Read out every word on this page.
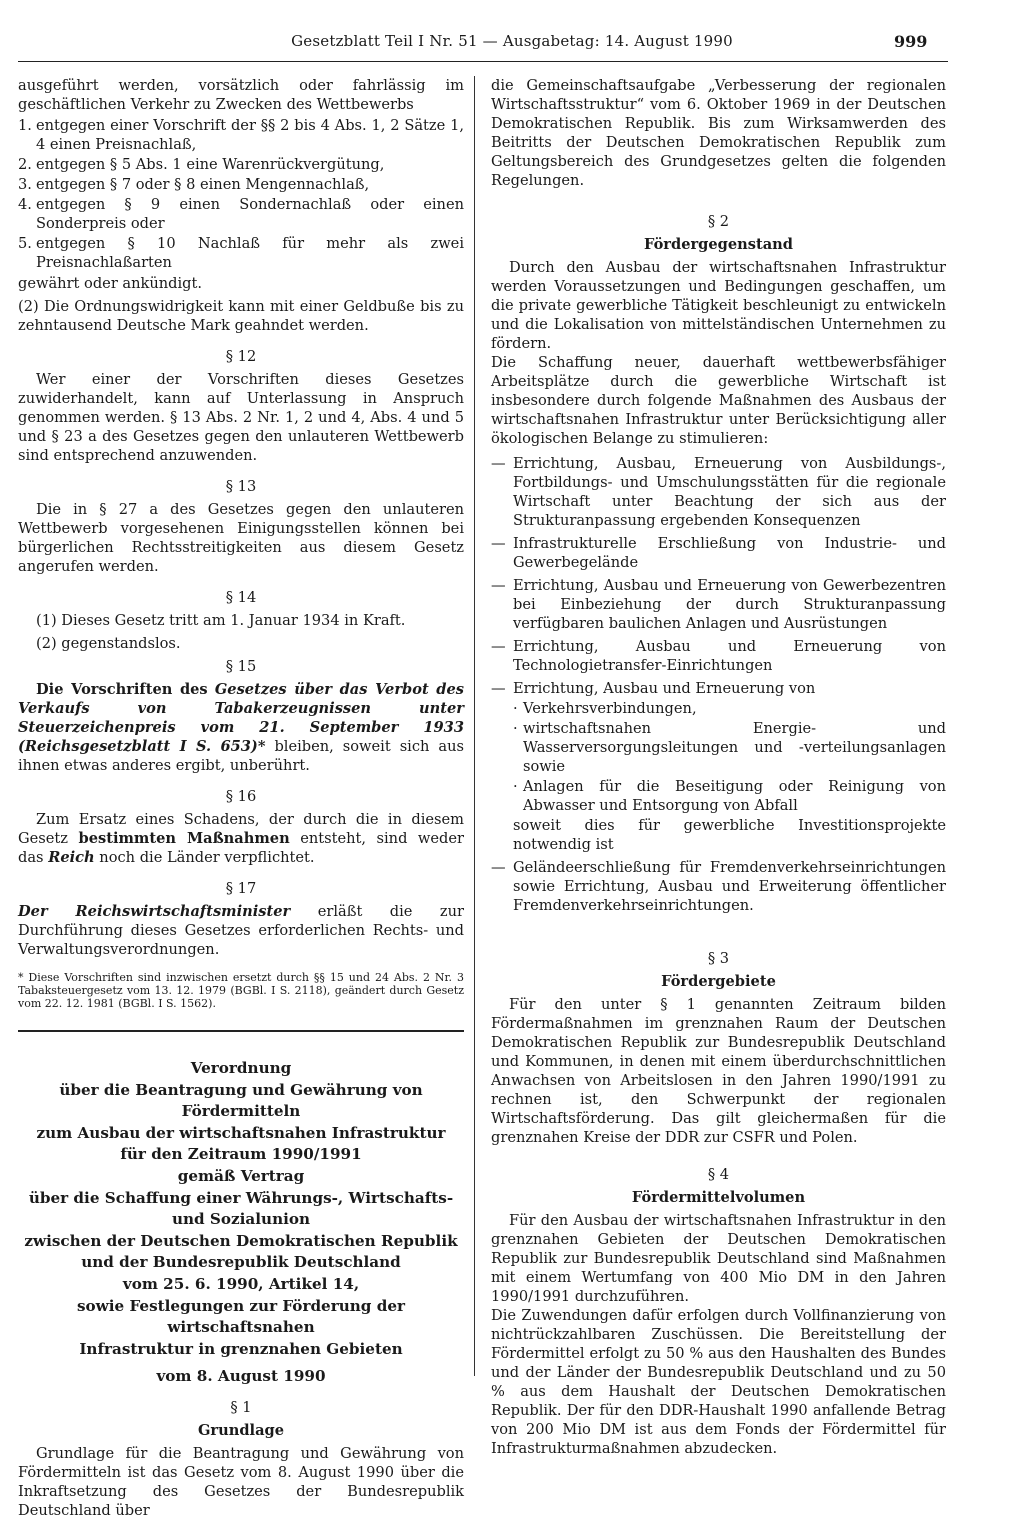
Gesetzblatt Teil I Nr. 51 — Ausgabetag: 14. August 1990	999

ausgeführt werden, vorsätzlich oder fahrlässig im geschäftlichen Verkehr zu Zwecken des Wettbewerbs

1. entgegen einer Vorschrift der §§ 2 bis 4 Abs. 1, 2 Sätze 1, 4 einen Preisnachlaß,
2. entgegen § 5 Abs. 1 eine Warenrückvergütung,
3. entgegen § 7 oder § 8 einen Mengennachlaß,
4. entgegen § 9 einen Sondernachlaß oder einen Sonderpreis oder
5. entgegen § 10 Nachlaß für mehr als zwei Preisnachlaßarten

gewährt oder ankündigt.

(2) Die Ordnungswidrigkeit kann mit einer Geldbuße bis zu zehntausend Deutsche Mark geahndet werden.

§ 12

Wer einer der Vorschriften dieses Gesetzes zuwiderhandelt, kann auf Unterlassung in Anspruch genommen werden. § 13 Abs. 2 Nr. 1, 2 und 4, Abs. 4 und 5 und § 23 a des Gesetzes gegen den unlauteren Wettbewerb sind entsprechend anzuwenden.

§ 13

Die in § 27 a des Gesetzes gegen den unlauteren Wettbewerb vorgesehenen Einigungsstellen können bei bürgerlichen Rechtsstreitigkeiten aus diesem Gesetz angerufen werden.

§ 14

(1) Dieses Gesetz tritt am 1. Januar 1934 in Kraft.

(2) gegenstandslos.

§ 15

Die Vorschriften des Gesetzes über das Verbot des Verkaufs von Tabakerzeugnissen unter Steuerzeichenpreis vom 21. September 1933 (Reichsgesetzblatt I S. 653)* bleiben, soweit sich aus ihnen etwas anderes ergibt, unberührt.

§ 16

Zum Ersatz eines Schadens, der durch die in diesem Gesetz bestimmten Maßnahmen entsteht, sind weder das Reich noch die Länder verpflichtet.

§ 17

Der Reichswirtschaftsminister erläßt die zur Durchführung dieses Gesetzes erforderlichen Rechts- und Verwaltungsverordnungen.

* Diese Vorschriften sind inzwischen ersetzt durch §§ 15 und 24 Abs. 2 Nr. 3 Tabaksteuergesetz vom 13. 12. 1979 (BGBl. I S. 2118), geändert durch Gesetz vom 22. 12. 1981 (BGBl. I S. 1562).

Verordnung
über die Beantragung und Gewährung von Fördermitteln
zum Ausbau der wirtschaftsnahen Infrastruktur
für den Zeitraum 1990/1991
gemäß Vertrag
über die Schaffung einer Währungs-, Wirtschafts-
und Sozialunion
zwischen der Deutschen Demokratischen Republik
und der Bundesrepublik Deutschland
vom 25. 6. 1990, Artikel 14,
sowie Festlegungen zur Förderung der wirtschaftsnahen
Infrastruktur in grenznahen Gebieten
vom 8. August 1990

§ 1

Grundlage

Grundlage für die Beantragung und Gewährung von Fördermitteln ist das Gesetz vom 8. August 1990 über die Inkraftsetzung des Gesetzes der Bundesrepublik Deutschland über

die Gemeinschaftsaufgabe „Verbesserung der regionalen Wirtschaftsstruktur“ vom 6. Oktober 1969 in der Deutschen Demokratischen Republik. Bis zum Wirksamwerden des Beitritts der Deutschen Demokratischen Republik zum Geltungsbereich des Grundgesetzes gelten die folgenden Regelungen.

§ 2

Fördergegenstand

Durch den Ausbau der wirtschaftsnahen Infrastruktur werden Voraussetzungen und Bedingungen geschaffen, um die private gewerbliche Tätigkeit beschleunigt zu entwickeln und die Lokalisation von mittelständischen Unternehmen zu fördern.

Die Schaffung neuer, dauerhaft wettbewerbsfähiger Arbeitsplätze durch die gewerbliche Wirtschaft ist insbesondere durch folgende Maßnahmen des Ausbaus der wirtschaftsnahen Infrastruktur unter Berücksichtigung aller ökologischen Belange zu stimulieren:

— Errichtung, Ausbau, Erneuerung von Ausbildungs-, Fortbildungs- und Umschulungsstätten für die regionale Wirtschaft unter Beachtung der sich aus der Strukturanpassung ergebenden Konsequenzen
— Infrastrukturelle Erschließung von Industrie- und Gewerbegelände
— Errichtung, Ausbau und Erneuerung von Gewerbezentren bei Einbeziehung der durch Strukturanpassung verfügbaren baulichen Anlagen und Ausrüstungen
— Errichtung, Ausbau und Erneuerung von Technologietransfer-Einrichtungen
— Errichtung, Ausbau und Erneuerung von
· Verkehrsverbindungen,
· wirtschaftsnahen Energie- und Wasserversorgungsleitungen und -verteilungsanlagen sowie
· Anlagen für die Beseitigung oder Reinigung von Abwasser und Entsorgung von Abfall
soweit dies für gewerbliche Investitionsprojekte notwendig ist
— Geländeerschließung für Fremdenverkehrseinrichtungen sowie Errichtung, Ausbau und Erweiterung öffentlicher Fremdenverkehrseinrichtungen.

§ 3

Fördergebiete

Für den unter § 1 genannten Zeitraum bilden Fördermaßnahmen im grenznahen Raum der Deutschen Demokratischen Republik zur Bundesrepublik Deutschland und Kommunen, in denen mit einem überdurchschnittlichen Anwachsen von Arbeitslosen in den Jahren 1990/1991 zu rechnen ist, den Schwerpunkt der regionalen Wirtschaftsförderung. Das gilt gleichermaßen für die grenznahen Kreise der DDR zur CSFR und Polen.

§ 4

Fördermittelvolumen

Für den Ausbau der wirtschaftsnahen Infrastruktur in den grenznahen Gebieten der Deutschen Demokratischen Republik zur Bundesrepublik Deutschland sind Maßnahmen mit einem Wertumfang von 400 Mio DM in den Jahren 1990/1991 durchzuführen.

Die Zuwendungen dafür erfolgen durch Vollfinanzierung von nichtrückzahlbaren Zuschüssen. Die Bereitstellung der Fördermittel erfolgt zu 50 % aus den Haushalten des Bundes und der Länder der Bundesrepublik Deutschland und zu 50 % aus dem Haushalt der Deutschen Demokratischen Republik. Der für den DDR-Haushalt 1990 anfallende Betrag von 200 Mio DM ist aus dem Fonds der Fördermittel für Infrastrukturmaßnahmen abzudecken.
